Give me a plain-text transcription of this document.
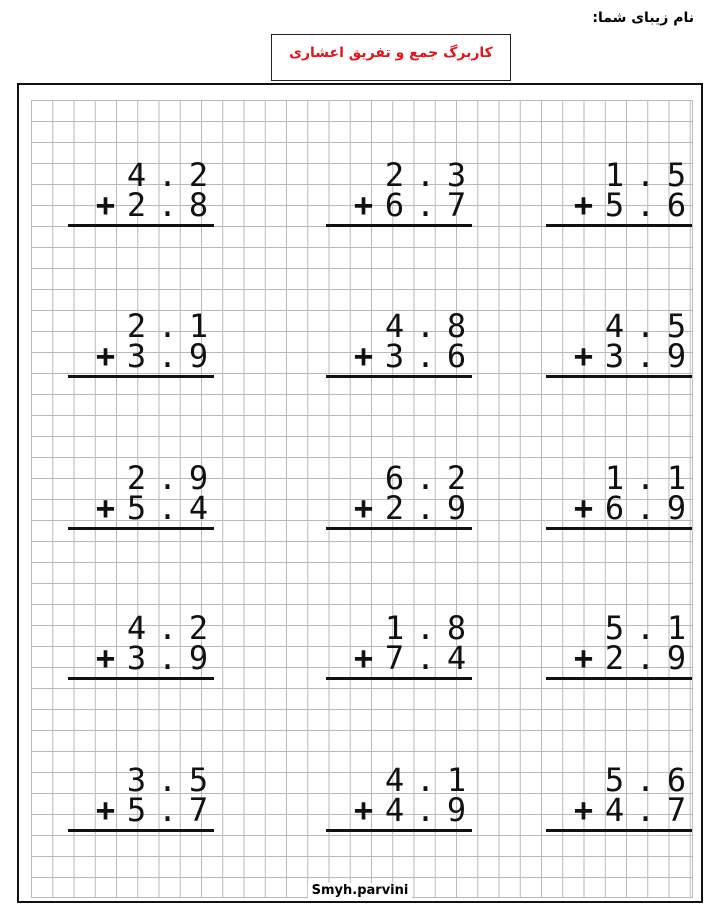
نام زیبای شما:
کاربرگ جمع و تفریق اعشاری
4 . 2
+ 2 . 8
2 . 3
+ 6 . 7
1 . 5
+ 5 . 6
2 . 1
+ 3 . 9
4 . 8
+ 3 . 6
4 . 5
+ 3 . 9
2 . 9
+ 5 . 4
6 . 2
+ 2 . 9
1 . 1
+ 6 . 9
4 . 2
+ 3 . 9
1 . 8
+ 7 . 4
5 . 1
+ 2 . 9
3 . 5
+ 5 . 7
4 . 1
+ 4 . 9
5 . 6
+ 4 . 7
Smyh.parvini
